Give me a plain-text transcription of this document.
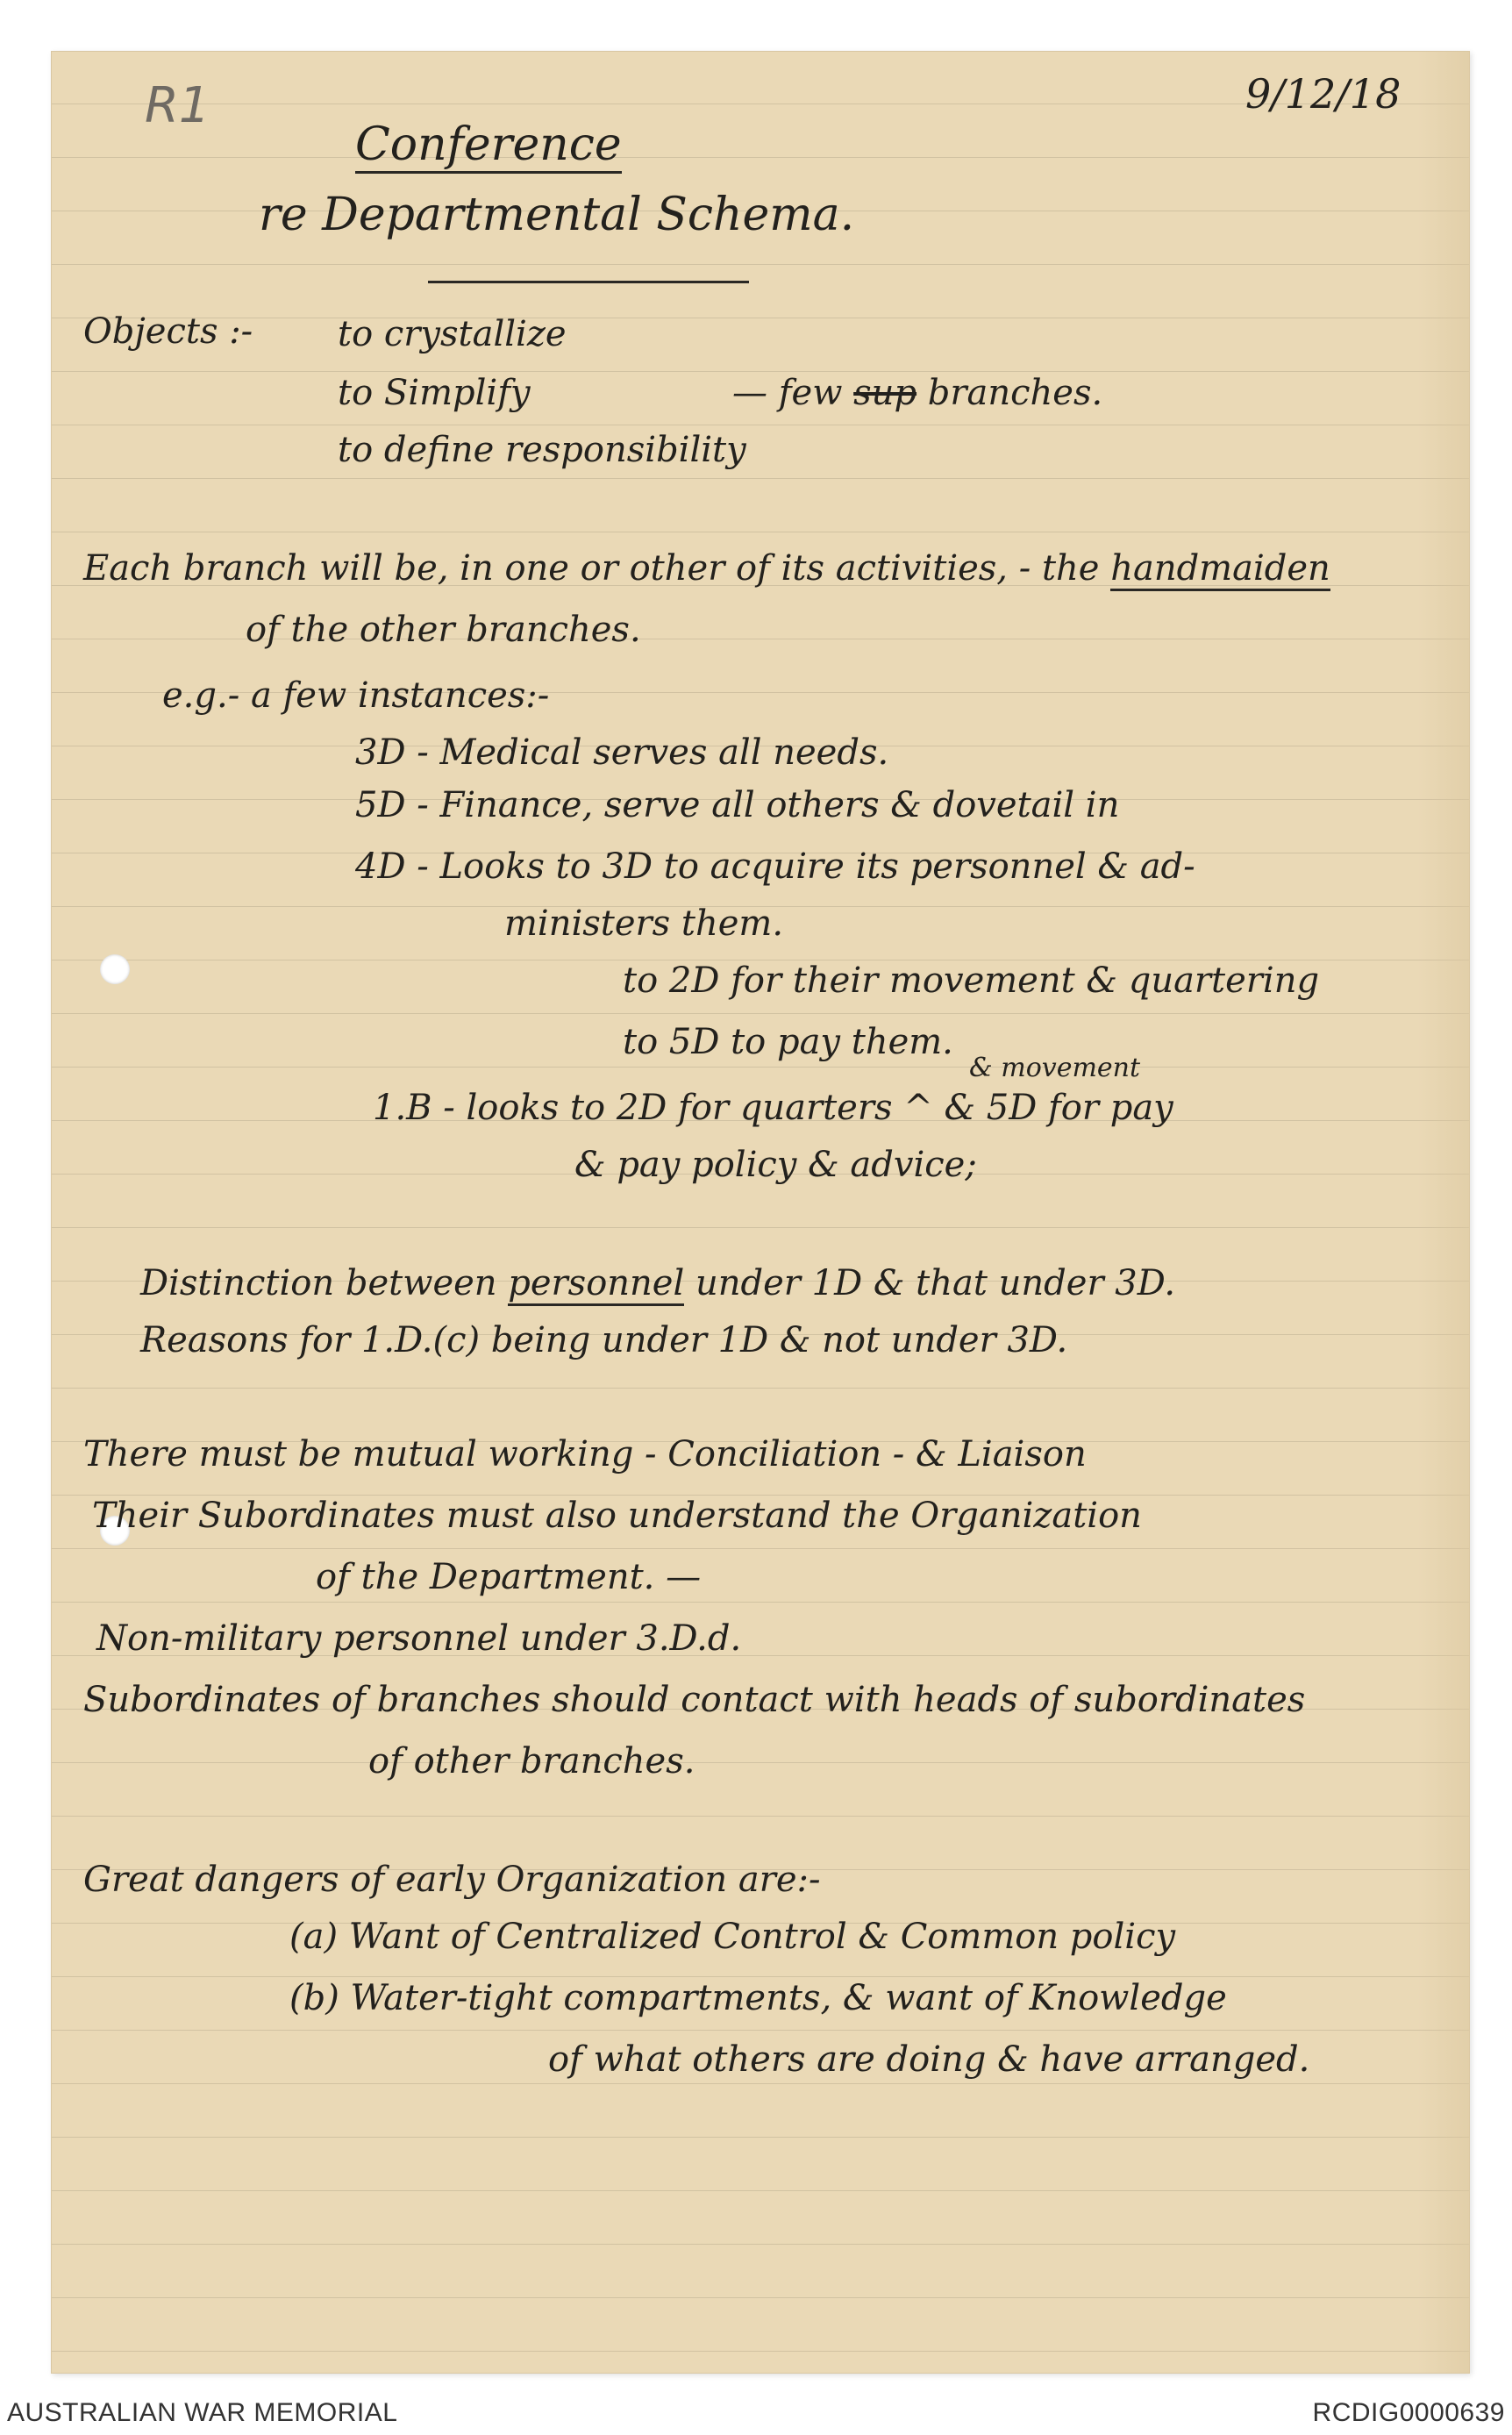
R1	9/12/18
Conference
re Departmental Schema.
Objects :- to crystallize
to Simplify	— few sup branches.
to define responsibility
Each branch will be, in one or other of its activities, - the handmaiden
of the other branches.
e.g.- a few instances:-
3D - Medical serves all needs.
5D - Finance, serve all others & dovetail in
4D - Looks to 3D to acquire its personnel & ad-
ministers them.
to 2D for their movement & quartering
to 5D to pay them.
& movement
1.B - looks to 2D for quarters ^ & 5D for pay
& pay policy & advice;
Distinction between personnel under 1D & that under 3D.
Reasons for 1.D.(c) being under 1D & not under 3D.
There must be mutual working - Conciliation - & Liaison
Their Subordinates must also understand the Organization
of the Department. —
Non-military personnel under 3.D.d.
Subordinates of branches should contact with heads of subordinates
of other branches.
Great dangers of early Organization are:-
(a) Want of Centralized Control & Common policy
(b) Water-tight compartments, & want of Knowledge
of what others are doing & have arranged.
AUSTRALIAN WAR MEMORIAL	RCDIG0000639
